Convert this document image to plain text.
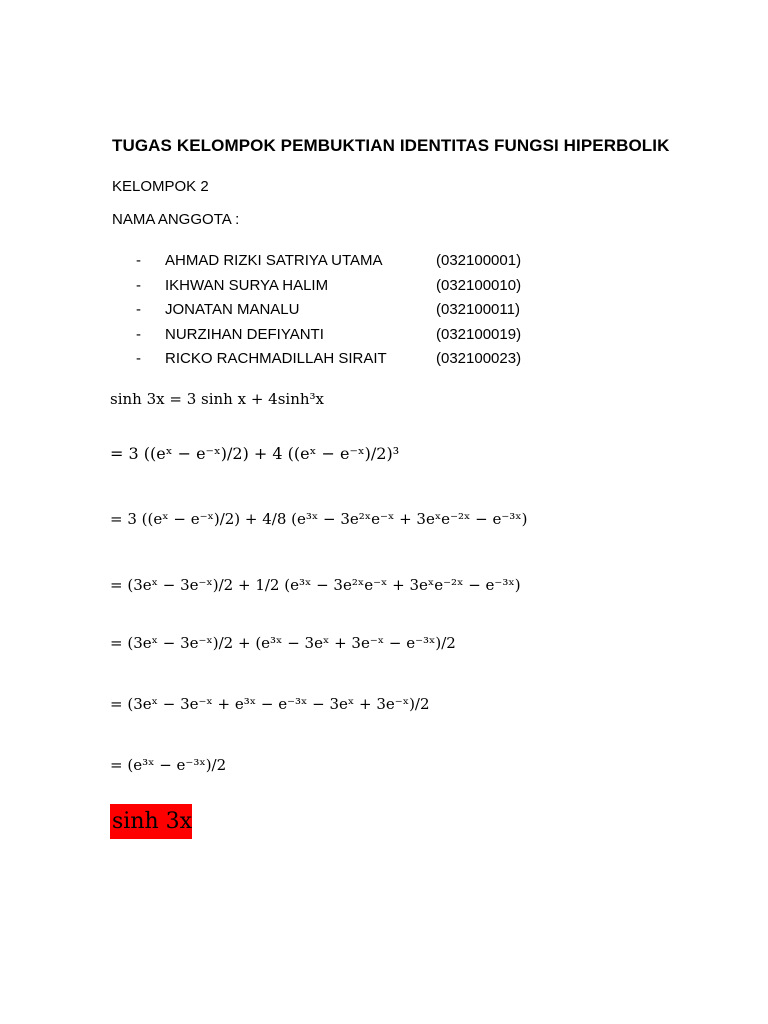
TUGAS KELOMPOK PEMBUKTIAN IDENTITAS FUNGSI HIPERBOLIK
KELOMPOK 2
NAMA ANGGOTA :
- AHMAD RIZKI SATRIYA UTAMA	(032100001)
- IKHWAN SURYA HALIM	(032100010)
- JONATAN MANALU	(032100011)
- NURZIHAN DEFIYANTI	(032100019)
- RICKO RACHMADILLAH SIRAIT	(032100023)
sinh 3x = 3 sinh x + 4sinh³x
= 3 ((eˣ − e⁻ˣ)/2) + 4 ((eˣ − e⁻ˣ)/2)³
= 3 ((eˣ − e⁻ˣ)/2) + 4/8 (e³ˣ − 3e²ˣe⁻ˣ + 3eˣe⁻²ˣ − e⁻³ˣ)
= (3eˣ − 3e⁻ˣ)/2 + 1/2 (e³ˣ − 3e²ˣe⁻ˣ + 3eˣe⁻²ˣ − e⁻³ˣ)
= (3eˣ − 3e⁻ˣ)/2 + (e³ˣ − 3eˣ + 3e⁻ˣ − e⁻³ˣ)/2
= (3eˣ − 3e⁻ˣ + e³ˣ − e⁻³ˣ − 3eˣ + 3e⁻ˣ)/2
= (e³ˣ − e⁻³ˣ)/2
sinh 3x
